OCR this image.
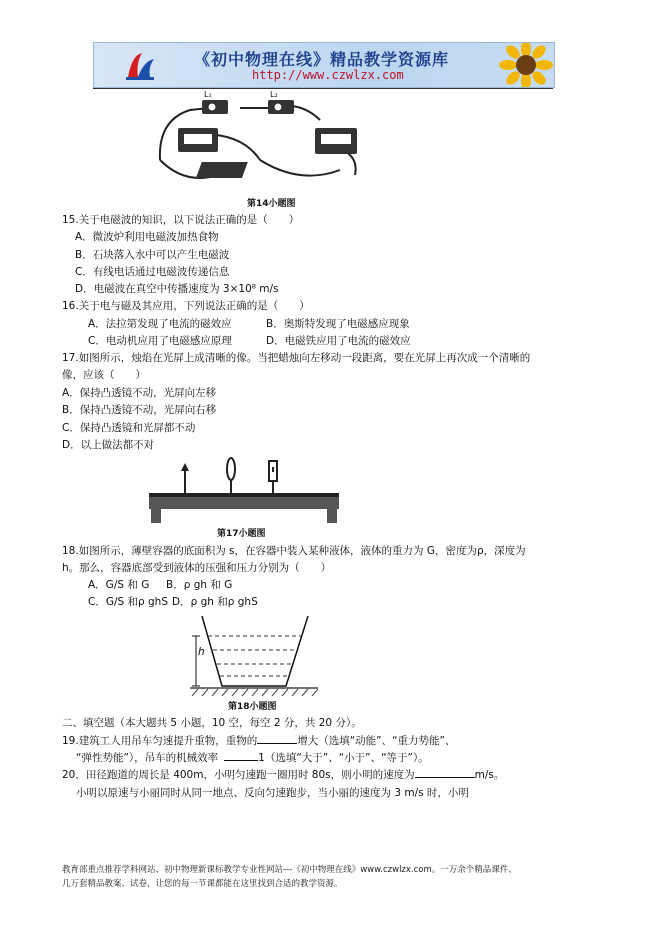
《初中物理在线》精品教学资源库
http://www.czwlzx.com
L₁	L₂
第14小题图
15.关于电磁波的知识，以下说法正确的是（　　）
A．微波炉利用电磁波加热食物
B．石块落入水中可以产生电磁波
C．有线电话通过电磁波传递信息
D．电磁波在真空中传播速度为 3×10⁸ m/s
16.关于电与磁及其应用，下列说法正确的是（　　）
A．法拉第发现了电流的磁效应	B．奥斯特发现了电磁感应现象
C．电动机应用了电磁感应原理	D．电磁铁应用了电流的磁效应
17.如图所示，烛焰在光屏上成清晰的像。当把蜡烛向左移动一段距离，要在光屏上再次成一个清晰的
像，应该（　　）
A．保持凸透镜不动，光屏向左移
B．保持凸透镜不动，光屏向右移
C．保持凸透镜和光屏都不动
D．以上做法都不对
第17小题图
18.如图所示，薄壁容器的底面积为 s，在容器中装入某种液体，液体的重力为 G，密度为ρ，深度为
h。那么，容器底部受到液体的压强和压力分别为（　　）
A．G/S 和 G B．ρ gh 和 G
C．G/S 和ρ ghS D．ρ gh 和ρ ghS
h
第18小题图
二、填空题（本大题共 5 小题，10 空，每空 2 分，共 20 分）。
19.建筑工人用吊车匀速提升重物，重物的	增大（选填“动能”、“重力势能”、
“弹性势能”），吊车的机械效率	1（选填“大于”、“小于”、“等于”）。
20．田径跑道的周长是 400m，小明匀速跑一圈用时 80s，则小明的速度为	m/s。
小明以原速与小丽同时从同一地点、反向匀速跑步，当小丽的速度为 3 m/s 时，小明
教育部重点推荐学科网站、初中物理新课标教学专业性网站---《初中物理在线》www.czwlzx.com。一万余个精品课件、
几万套精品教案、试卷，让您的每一节课都能在这里找到合适的教学资源。
